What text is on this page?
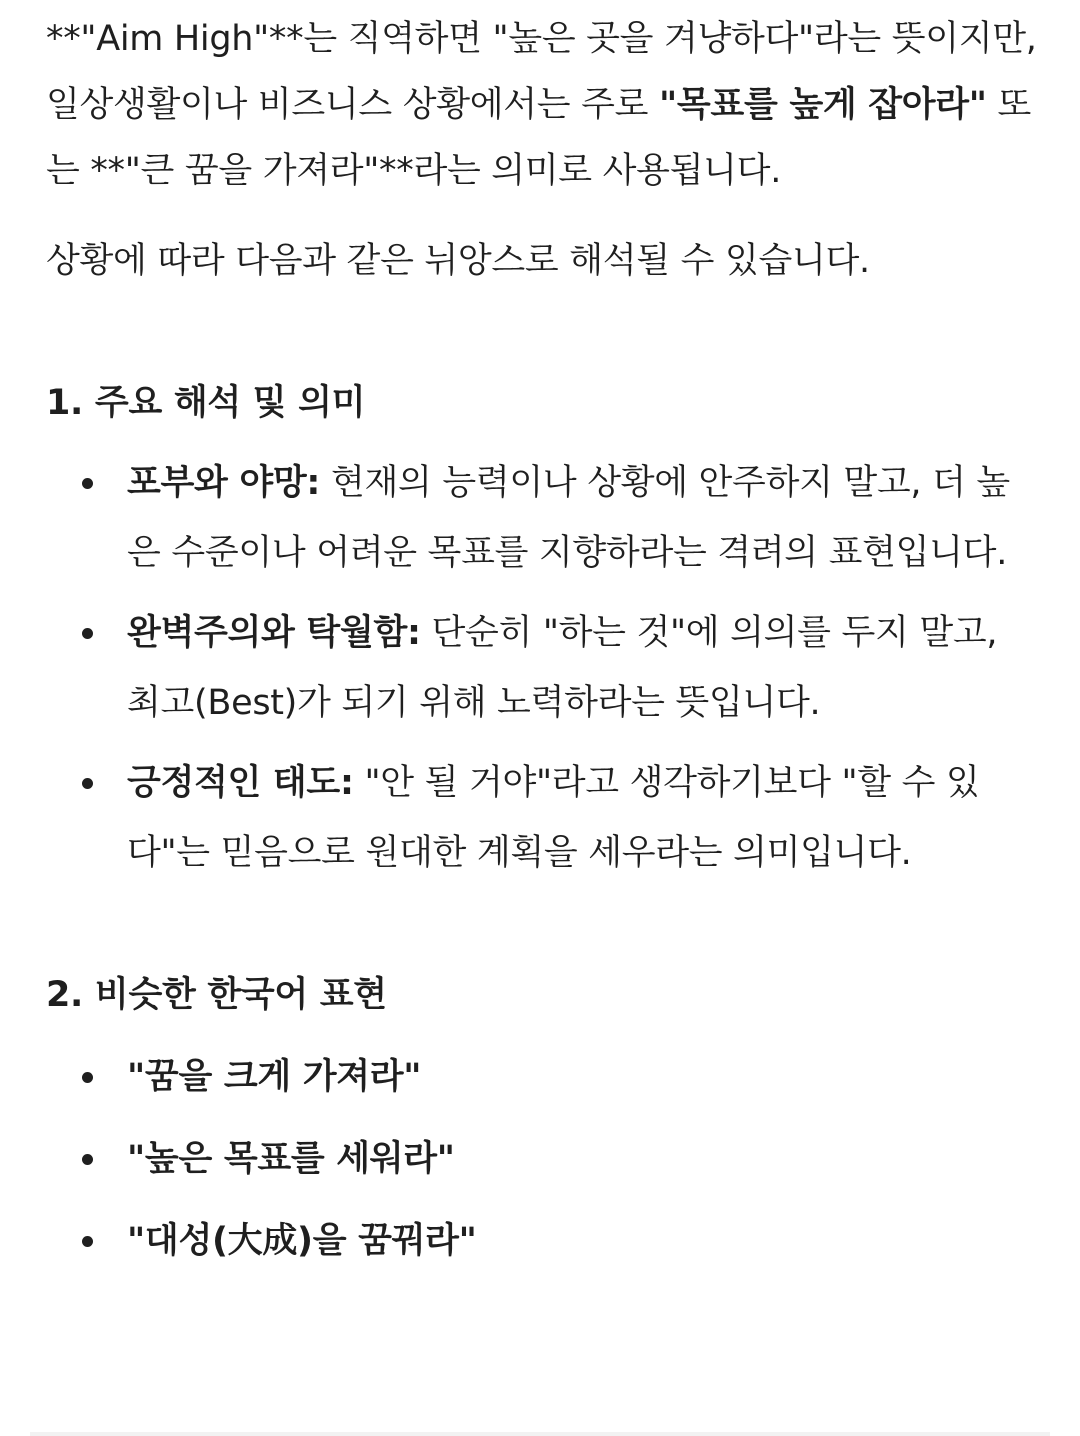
**"Aim High"**는 직역하면 "높은 곳을 겨냥하다"라는 뜻이지만, 일상생활이나 비즈니스 상황에서는 주로 "목표를 높게 잡아라" 또는 **"큰 꿈을 가져라"**라는 의미로 사용됩니다.

상황에 따라 다음과 같은 뉘앙스로 해석될 수 있습니다.

1. 주요 해석 및 의미
포부와 야망: 현재의 능력이나 상황에 안주하지 말고, 더 높은 수준이나 어려운 목표를 지향하라는 격려의 표현입니다.
완벽주의와 탁월함: 단순히 "하는 것"에 의의를 두지 말고, 최고(Best)가 되기 위해 노력하라는 뜻입니다.
긍정적인 태도: "안 될 거야"라고 생각하기보다 "할 수 있다"는 믿음으로 원대한 계획을 세우라는 의미입니다.
2. 비슷한 한국어 표현
"꿈을 크게 가져라"
"높은 목표를 세워라"
"대성(大成)을 꿈꿔라"
